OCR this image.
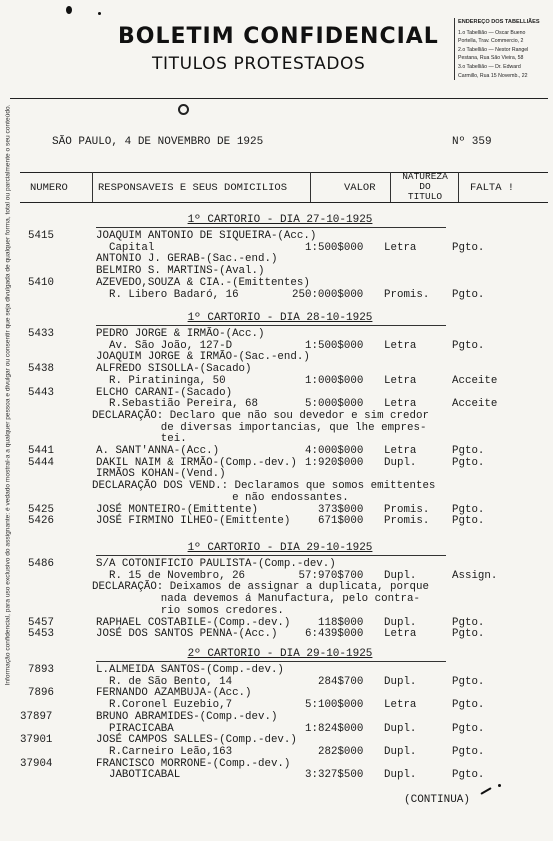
BOLETIM CONFIDENCIAL
TITULOS PROTESTADOS
ENDEREÇO DOS TABELLIÃES
1.o Tabellião — Oscar Bueno
Portella, Trav. Commercio, 2
2.o Tabellião — Nestor Rangel
Pestana, Rua São Vieira, 58
3.o Tabellião — Dr. Edward
Carmillo, Rua 15 Novemb., 22
Informação confidencial, para uso exclusivo do assignante: é vedado mostral-a a qualquer pessoa e divulgar ou consentir que seja divulgada de qualquer forma, total ou parcialmente o seu conteúdo.	SÃO PAULO, 4 DE NOVEMBRO DE 1925	Nº 359
NUMERO	RESPONSAVEIS E SEUS DOMICILIOS	VALOR
NATUREZA
DO
TITULO
FALTA !
1º CARTORIO - DIA 27-10-1925
5415	JOAQUIM ANTONIO DE SIQUEIRA-(Acc.)
Capital	1:500$000 Letra	Pgto.
ANTONIO J. GERAB-(Sac.-end.)
BELMIRO S. MARTINS-(Aval.)
5410	AZEVEDO,SOUZA & CIA.-(Emittentes)
R. Libero Badaró, 16	250:000$000 Promis. Pgto.
1º CARTORIO - DIA 28-10-1925
5433	PEDRO JORGE & IRMÃO-(Acc.)
Av. São João, 127-D	1:500$000 Letra	Pgto.
JOAQUIM JORGE & IRMÃO-(Sac.-end.)
5438	ALFREDO SISOLLA-(Sacado)
R. Piratininga, 50	1:000$000 Letra	Acceite
5443	ELCHO CARANI-(Sacado)
R.Sebastião Pereira, 68	5:000$000 Letra	Acceite
DECLARAÇÃO: Declaro que não sou devedor e sim credor
de diversas importancias, que lhe empres-
tei.
5441	A. SANT'ANNA-(Acc.)	4:000$000 Letra	Pgto.
5444	DAKIL NAIM & IRMÃO-(Comp.-dev.) 1:920$000 Dupl.	Pgto.
IRMÃOS KOHAN-(Vend.)
DECLARAÇÃO DOS VEND.: Declaramos que somos emittentes
e não endossantes.
5425	JOSÉ MONTEIRO-(Emittente)	373$000 Promis. Pgto.
5426	JOSÉ FIRMINO ILHEO-(Emittente)	671$000 Promis. Pgto.
1º CARTORIO - DIA 29-10-1925
5486	S/A COTONIFICIO PAULISTA-(Comp.-dev.)
R. 15 de Novembro, 26	57:970$700 Dupl.	Assign.
DECLARAÇÃO: Deixamos de assignar a duplicata, porque
nada devemos á Manufactura, pelo contra-
rio somos credores.
5457	RAPHAEL COSTABILE-(Comp.-dev.)	118$000 Dupl.	Pgto.
5453	JOSÉ DOS SANTOS PENNA-(Acc.)	6:439$000 Letra	Pgto.
2º CARTORIO - DIA 29-10-1925
7893	L.ALMEIDA SANTOS-(Comp.-dev.)
R. de São Bento, 14	284$700 Dupl.	Pgto.
7896	FERNANDO AZAMBUJA-(Acc.)
R.Coronel Euzebio,7	5:100$000 Letra	Pgto.
37897	BRUNO ABRAMIDES-(Comp.-dev.)
PIRACICABA	1:824$000 Dupl.	Pgto.
37901	JOSÉ CAMPOS SALLES-(Comp.-dev.)
R.Carneiro Leão,163	282$000 Dupl.	Pgto.
37904	FRANCISCO MORRONE-(Comp.-dev.)
JABOTICABAL	3:327$500 Dupl.	Pgto.
(CONTINUA)
